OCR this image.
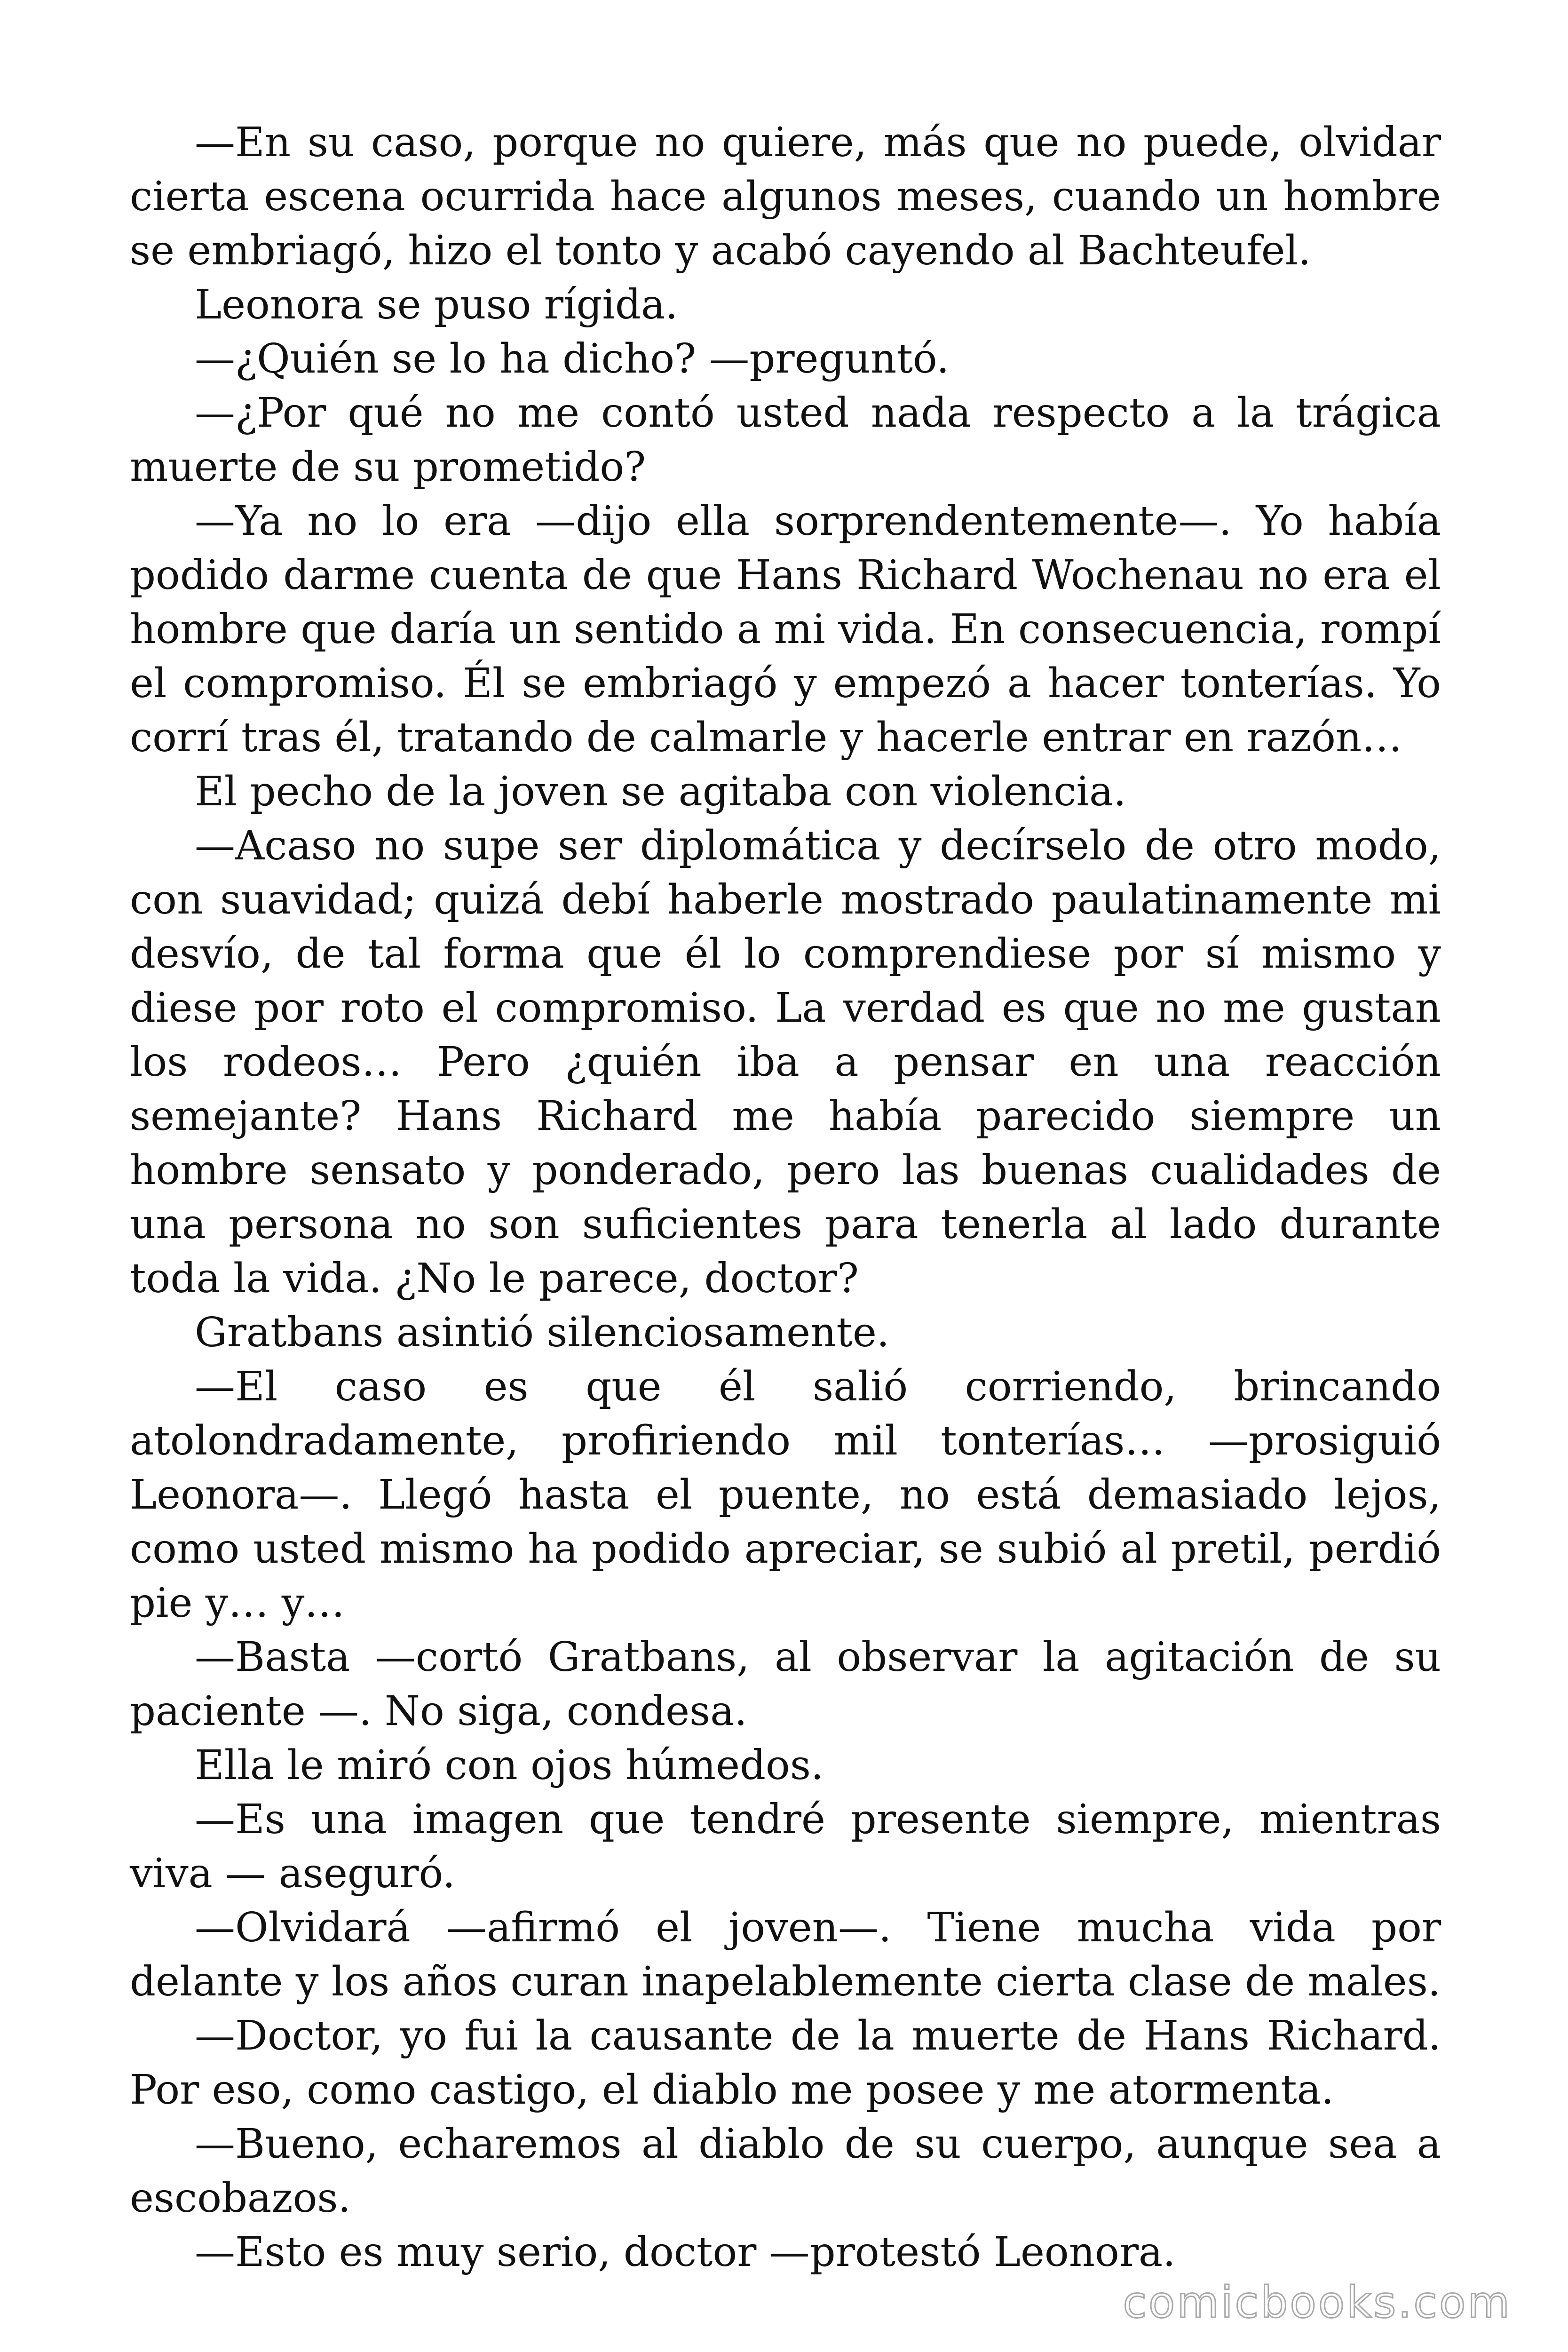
—En su caso, porque no quiere, más que no puede, olvidar cierta escena ocurrida hace algunos meses, cuando un hombre se embriagó, hizo el tonto y acabó cayendo al Bachteufel.

Leonora se puso rígida.

—¿Quién se lo ha dicho? —preguntó.

—¿Por qué no me contó usted nada respecto a la trágica muerte de su prometido?

—Ya no lo era —dijo ella sorprendentemente—. Yo había podido darme cuenta de que Hans Richard Wochenau no era el hombre que daría un sentido a mi vida. En consecuencia, rompí el compromiso. Él se embriagó y empezó a hacer tonterías. Yo corrí tras él, tratando de calmarle y hacerle entrar en razón…

El pecho de la joven se agitaba con violencia.

—Acaso no supe ser diplomática y decírselo de otro modo, con suavidad; quizá debí haberle mostrado paulatinamente mi desvío, de tal forma que él lo comprendiese por sí mismo y diese por roto el compromiso. La verdad es que no me gustan los rodeos… Pero ¿quién iba a pensar en una reacción semejante? Hans Richard me había parecido siempre un hombre sensato y ponderado, pero las buenas cualidades de una persona no son suficientes para tenerla al lado durante toda la vida. ¿No le parece, doctor?

Gratbans asintió silenciosamente.

—El caso es que él salió corriendo, brincando atolondradamente, profiriendo mil tonterías… —prosiguió Leonora—. Llegó hasta el puente, no está demasiado lejos, como usted mismo ha podido apreciar, se subió al pretil, perdió pie y… y…

—Basta —cortó Gratbans, al observar la agitación de su paciente —. No siga, condesa.

Ella le miró con ojos húmedos.

—Es una imagen que tendré presente siempre, mientras viva — aseguró.

—Olvidará —afirmó el joven—. Tiene mucha vida por delante y los años curan inapelablemente cierta clase de males.

—Doctor, yo fui la causante de la muerte de Hans Richard. Por eso, como castigo, el diablo me posee y me atormenta.

—Bueno, echaremos al diablo de su cuerpo, aunque sea a escobazos.

—Esto es muy serio, doctor —protestó Leonora.

comicbooks.com
